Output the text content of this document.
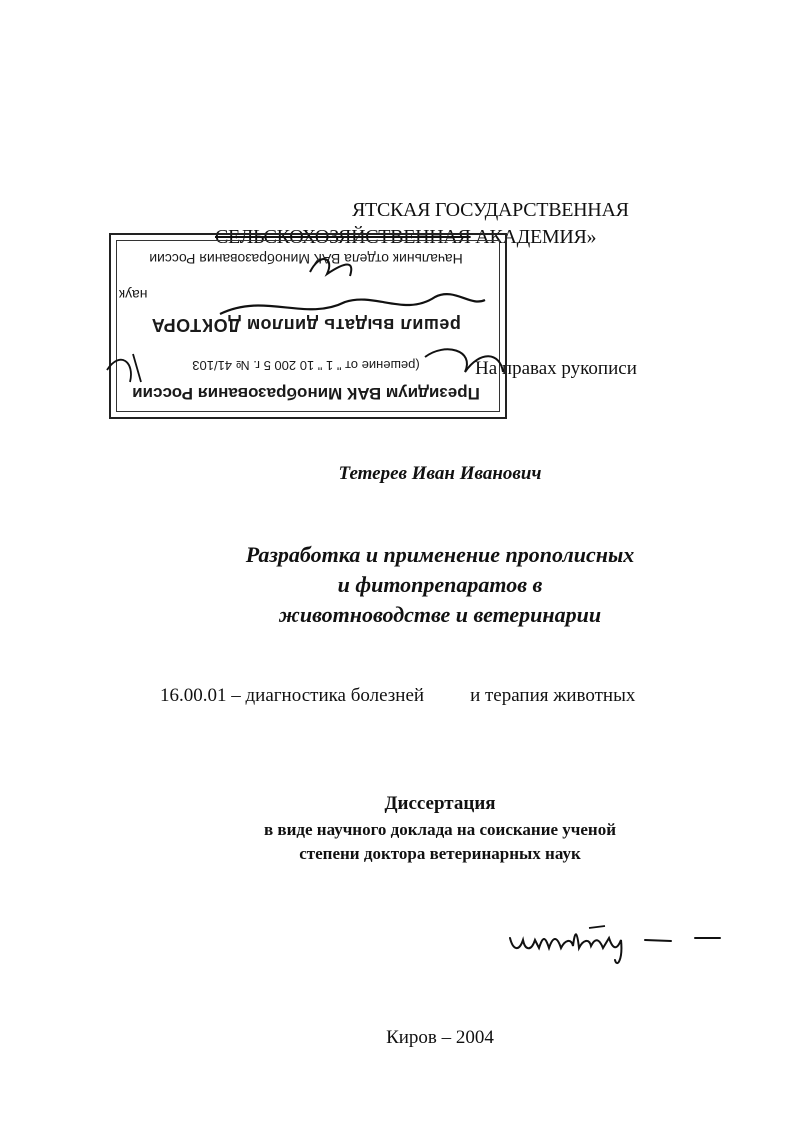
ЯТСКАЯ ГОСУДАРСТВЕННАЯ
СЕЛЬСКОХОЗЯЙСТВЕННАЯ АКАДЕМИЯ»
На правах рукописи
Президиум ВАК Минобразования России
(решение от " 1 " 10 200 5 г. № 41/103
решил выдать диплом ДОКТОРА
наук
Начальник отдела ВАК Минобразования России
Тетерев Иван Иванович
Разработка и применение прополисных
и фитопрепаратов в
животноводстве и ветеринарии
16.00.01 – диагностика болезней и терапия животных
Диссертация
в виде научного доклада на соискание ученой
степени доктора ветеринарных наук
Киров – 2004
